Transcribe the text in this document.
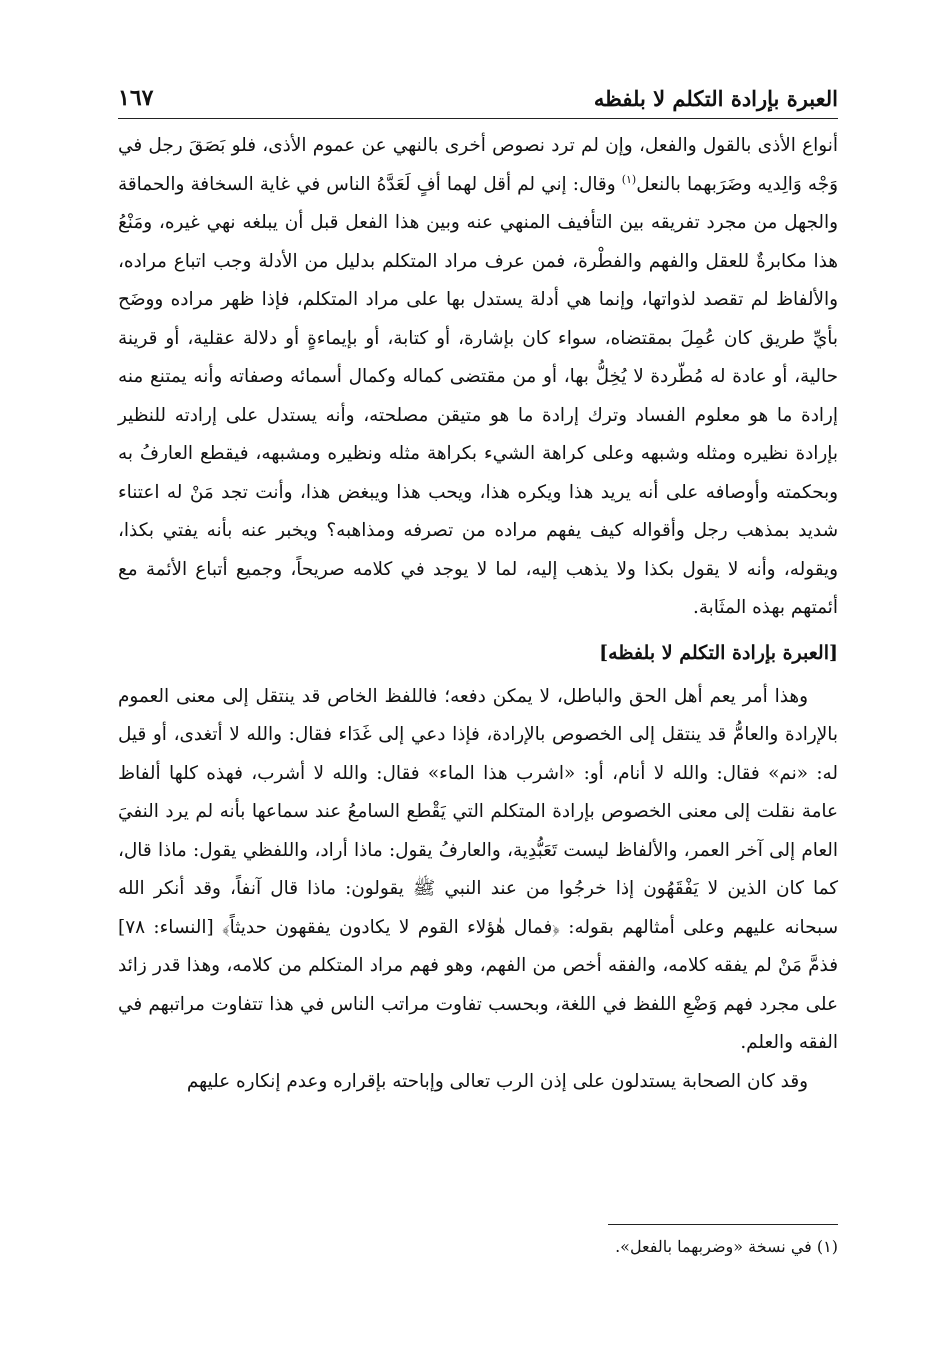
العبرة بإرادة التكلم لا بلفظه
١٦٧

أنواع الأذى بالقول والفعل، وإن لم ترد نصوص أخرى بالنهي عن عموم الأذى، فلو بَصَقَ رجل في وَجْه وَالِديه وضَرَبهما بالنعل$^{(١)}$ وقال: إني لم أقل لهما أفٍ لَعَدَّهُ الناس في غاية السخافة والحماقة والجهل من مجرد تفريقه بين التأفيف المنهي عنه وبين هذا الفعل قبل أن يبلغه نهي غيره، ومَنْعُ هذا مكابرةٌ للعقل والفهم والفطْرة، فمن عرف مراد المتكلم بدليل من الأدلة وجب اتباع مراده، والألفاظ لم تقصد لذواتها، وإنما هي أدلة يستدل بها على مراد المتكلم، فإذا ظهر مراده ووضَح بأيِّ طريق كان عُمِلَ بمقتضاه، سواء كان بإشارة، أو كتابة، أو بإيماءةٍ أو دلالة عقلية، أو قرينة حالية، أو عادة له مُطّردة لا يُخِلُّ بها، أو من مقتضى كماله وكمال أسمائه وصفاته وأنه يمتنع منه إرادة ما هو معلوم الفساد وترك إرادة ما هو متيقن مصلحته، وأنه يستدل على إرادته للنظير بإرادة نظيره ومثله وشبهه وعلى كراهة الشيء بكراهة مثله ونظيره ومشبهه، فيقطع العارفُ به وبحكمته وأوصافه على أنه يريد هذا ويكره هذا، ويحب هذا ويبغض هذا، وأنت تجد مَنْ له اعتناء شديد بمذهب رجل وأقواله كيف يفهم مراده من تصرفه ومذاهبه؟ ويخبر عنه بأنه يفتي بكذا، ويقوله، وأنه لا يقول بكذا ولا يذهب إليه، لما لا يوجد في كلامه صريحاً، وجميع أتباع الأئمة مع أئمتهم بهذه المثَابة.

[العبرة بإرادة التكلم لا بلفظه]

وهذا أمر يعم أهل الحق والباطل، لا يمكن دفعه؛ فاللفظ الخاص قد ينتقل إلى معنى العموم بالإرادة والعامُّ قد ينتقل إلى الخصوص بالإرادة، فإذا دعي إلى غَدَاء فقال: والله لا أتغدى، أو قيل له: «نم» فقال: والله لا أنام، أو: «اشرب هذا الماء» فقال: والله لا أشرب، فهذه كلها ألفاظ عامة نقلت إلى معنى الخصوص بإرادة المتكلم التي يَقْطع السامعُ عند سماعها بأنه لم يرد النفيَ العام إلى آخر العمر، والألفاظ ليست تَعَبُّدِية، والعارفُ يقول: ماذا أراد، واللفظي يقول: ماذا قال، كما كان الذين لا يَفْقَهُون إذا خرجُوا من عند النبي ﷺ يقولون: ماذا قال آنفاً، وقد أنكر الله سبحانه عليهم وعلى أمثالهم بقوله: ﴿فمال هٰؤلاء القوم لا يكادون يفقهون حديثاً﴾ [النساء: ٧٨] فذمَّ مَنْ لم يفقه كلامه، والفقه أخص من الفهم، وهو فهم مراد المتكلم من كلامه، وهذا قدر زائد على مجرد فهم وَضْعِ اللفظ في اللغة، وبحسب تفاوت مراتب الناس في هذا تتفاوت مراتبهم في الفقه والعلم.

وقد كان الصحابة يستدلون على إذن الرب تعالى وإباحته بإقراره وعدم إنكاره عليهم

(١) في نسخة «وضربهما بالفعل».
